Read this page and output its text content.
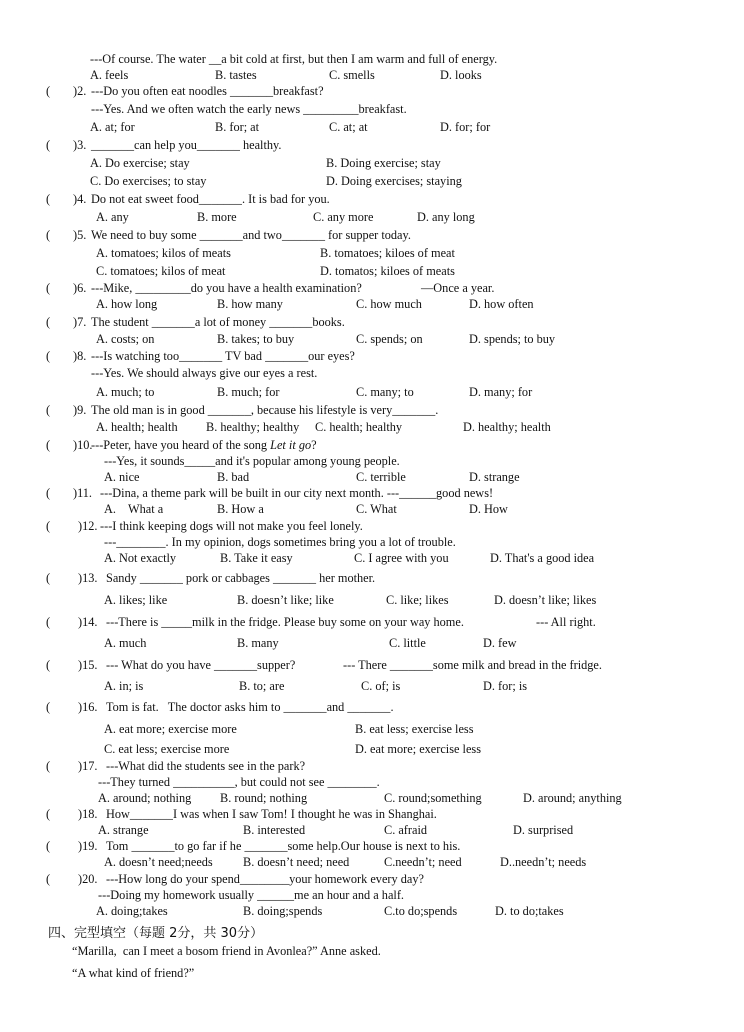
---Of course. The water __a bit cold at first, but then I am warm and full of energy.
A. feels	B. tastes	C. smells	D. looks
( )2. ---Do you often eat noodles _______breakfast?
---Yes. And we often watch the early news _________breakfast.
A. at; for	B. for; at	C. at; at	D. for; for
( )3. _______can help you_______ healthy.
A. Do exercise; stay	B. Doing exercise; stay
C. Do exercises; to stay	D. Doing exercises; staying
( )4. Do not eat sweet food_______. It is bad for you.
A. any	B. more	C. any more	D. any long
( )5. We need to buy some _______and two_______ for supper today.
A. tomatoes; kilos of meats	B. tomatoes; kiloes of meat
C. tomatoes; kilos of meat	D. tomatos; kiloes of meats
( )6. ---Mike, _________do you have a health examination?	—Once a year.
A. how long	B. how many	C. how much	D. how often
( )7. The student _______a lot of money _______books.
A. costs; on	B. takes; to buy	C. spends; on	D. spends; to buy
( )8. ---Is watching too_______ TV bad _______our eyes?
---Yes. We should always give our eyes a rest.
A. much; to	B. much; for	C. many; to	D. many; for
( )9. The old man is in good _______, because his lifestyle is very_______.
A. health; health B. healthy; healthy C. health; healthy	D. healthy; health
( )10.
---Peter, have you heard of the song Let it go?
---Yes, it sounds_____and it's popular among young people.
A. nice	B. bad	C. terrible	D. strange
( )11. ---Dina, a theme park will be built in our city next month. ---______good news!
A.    What a	B. How a	C. What	D. How
( )12. ---I think keeping dogs will not make you feel lonely.
---________. In my opinion, dogs sometimes bring you a lot of trouble.
A. Not exactly	B. Take it easy	C. I agree with you	D. That's a good idea
( )13. Sandy _______ pork or cabbages _______ her mother.
A. likes; like	B. doesn’t like; like	C. like; likes	D. doesn’t like; likes
( )14. ---There is _____milk in the fridge. Please buy some on your way home.	--- All right.
A. much	B. many	C. little	D. few
( )15. --- What do you have _______supper?	--- There _______some milk and bread in the fridge.
A. in; is	B. to; are	C. of; is	D. for; is
( )16. Tom is fat.   The doctor asks him to _______and _______.
A. eat more; exercise more	B. eat less; exercise less
C. eat less; exercise more	D. eat more; exercise less
( )17. ---What did the students see in the park?
---They turned __________, but could not see ________.
A. around; nothing B. round; nothing	C. round;something	D. around; anything
( )18. How_______I was when I saw Tom! I thought he was in Shanghai.
A. strange	B. interested	C. afraid	D. surprised
( )19. Tom _______to go far if he _______some help.Our house is next to his.
A. doesn’t need;needs B. doesn’t need; need	C.needn’t; need	D..needn’t; needs
( )20. ---How long do your spend________your homework every day?
---Doing my homework usually ______me an hour and a half.
A. doing;takes	B. doing;spends	C.to do;spends	D. to do;takes
四、完型填空（每题 2分，共 30分）
“Marilla,  can I meet a bosom friend in Avonlea?” Anne asked.
“A what kind of friend?”
